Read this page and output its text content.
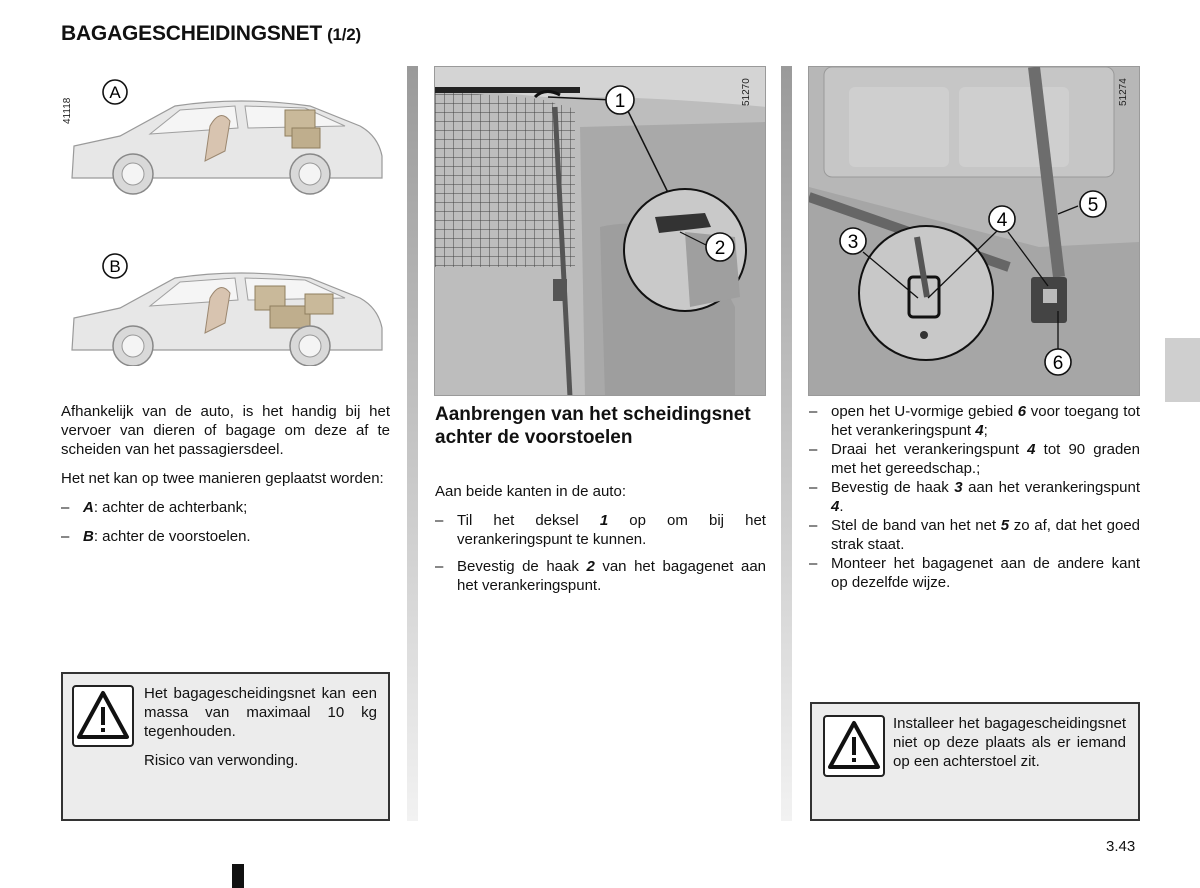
BAGAGESCHEIDINGSNET (1/2)
41118
A
B
51270
1
2
51274
3
4
5
6

Afhankelijk van de auto, is het handig bij het vervoer van dieren of bagage om deze af te scheiden van het passagiersdeel.

Het net kan op twee manieren geplaatst worden:

– A: achter de achterbank;
– B: achter de voorstoelen.

Het bagagescheidingsnet kan een massa van maximaal 10 kg tegenhouden.

Risico van verwonding.

Aanbrengen van het scheidingsnet achter de voorstoelen

Aan beide kanten in de auto:

– Til het deksel 1 op om bij het verankeringspunt te kunnen.
– Bevestig de haak 2 van het bagagenet aan het verankeringspunt.
– open het U-vormige gebied 6 voor toegang tot het verankeringspunt 4;
– Draai het verankeringspunt 4 tot 90 graden met het gereedschap.;
– Bevestig de haak 3 aan het verankeringspunt 4.
– Stel de band van het net 5 zo af, dat het goed strak staat.
– Monteer het bagagenet aan de andere kant op dezelfde wijze.
Installeer het bagagescheidingsnet niet op deze plaats als er iemand op een achterstoel zit.
3.43
